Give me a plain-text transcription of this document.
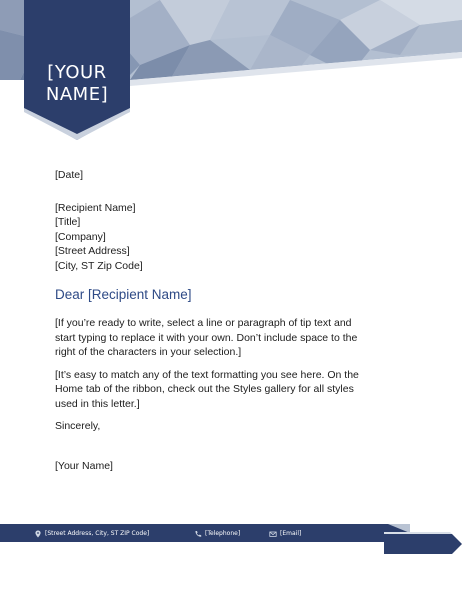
[YOUR
NAME]
[Date]
[Recipient Name]
[Title]
[Company]
[Street Address]
[City, ST Zip Code]
Dear [Recipient Name]

[If you’re ready to write, select a line or paragraph of tip text and start typing to replace it with your own. Don’t include space to the right of the characters in your selection.]

[It’s easy to match any of the text formatting you see here. On the Home tab of the ribbon, check out the Styles gallery for all styles used in this letter.]

Sincerely,
[Your Name]
[Street Address, City, ST ZIP Code]	[Telephone]	[Email]
